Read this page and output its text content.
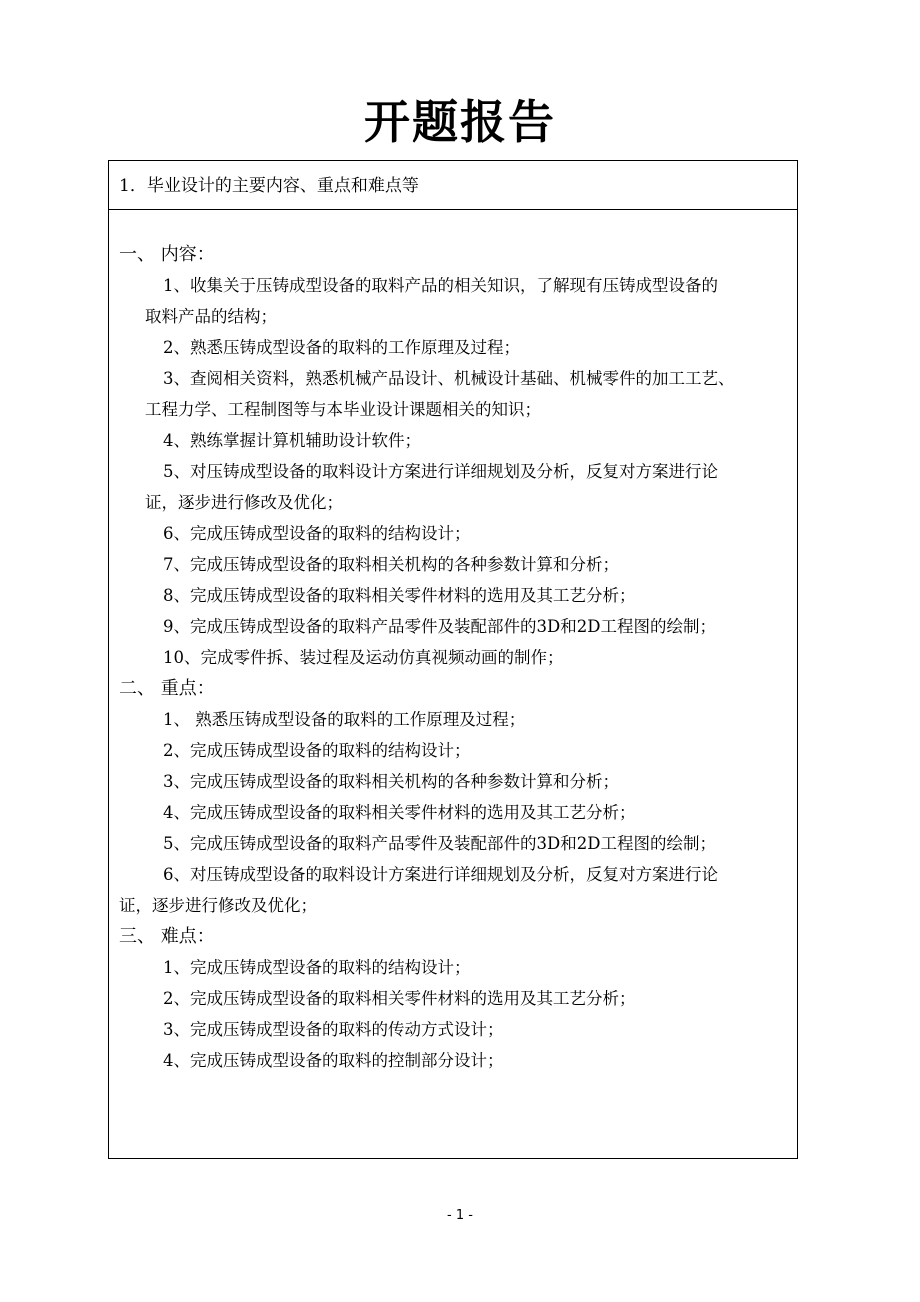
开题报告
1．毕业设计的主要内容、重点和难点等
一、 内容：
1、收集关于压铸成型设备的取料产品的相关知识，了解现有压铸成型设备的
取料产品的结构；
2、熟悉压铸成型设备的取料的工作原理及过程；
3、查阅相关资料，熟悉机械产品设计、机械设计基础、机械零件的加工工艺、
工程力学、工程制图等与本毕业设计课题相关的知识；
4、熟练掌握计算机辅助设计软件；
5、对压铸成型设备的取料设计方案进行详细规划及分析，反复对方案进行论
证，逐步进行修改及优化；
6、完成压铸成型设备的取料的结构设计；
7、完成压铸成型设备的取料相关机构的各种参数计算和分析；
8、完成压铸成型设备的取料相关零件材料的选用及其工艺分析；
9、完成压铸成型设备的取料产品零件及装配部件的3D和2D工程图的绘制；
10、完成零件拆、装过程及运动仿真视频动画的制作；
二、 重点：
1、 熟悉压铸成型设备的取料的工作原理及过程；
2、完成压铸成型设备的取料的结构设计；
3、完成压铸成型设备的取料相关机构的各种参数计算和分析；
4、完成压铸成型设备的取料相关零件材料的选用及其工艺分析；
5、完成压铸成型设备的取料产品零件及装配部件的3D和2D工程图的绘制；
6、对压铸成型设备的取料设计方案进行详细规划及分析，反复对方案进行论
证，逐步进行修改及优化；
三、 难点：
1、完成压铸成型设备的取料的结构设计；
2、完成压铸成型设备的取料相关零件材料的选用及其工艺分析；
3、完成压铸成型设备的取料的传动方式设计；
4、完成压铸成型设备的取料的控制部分设计；
- 1 -
